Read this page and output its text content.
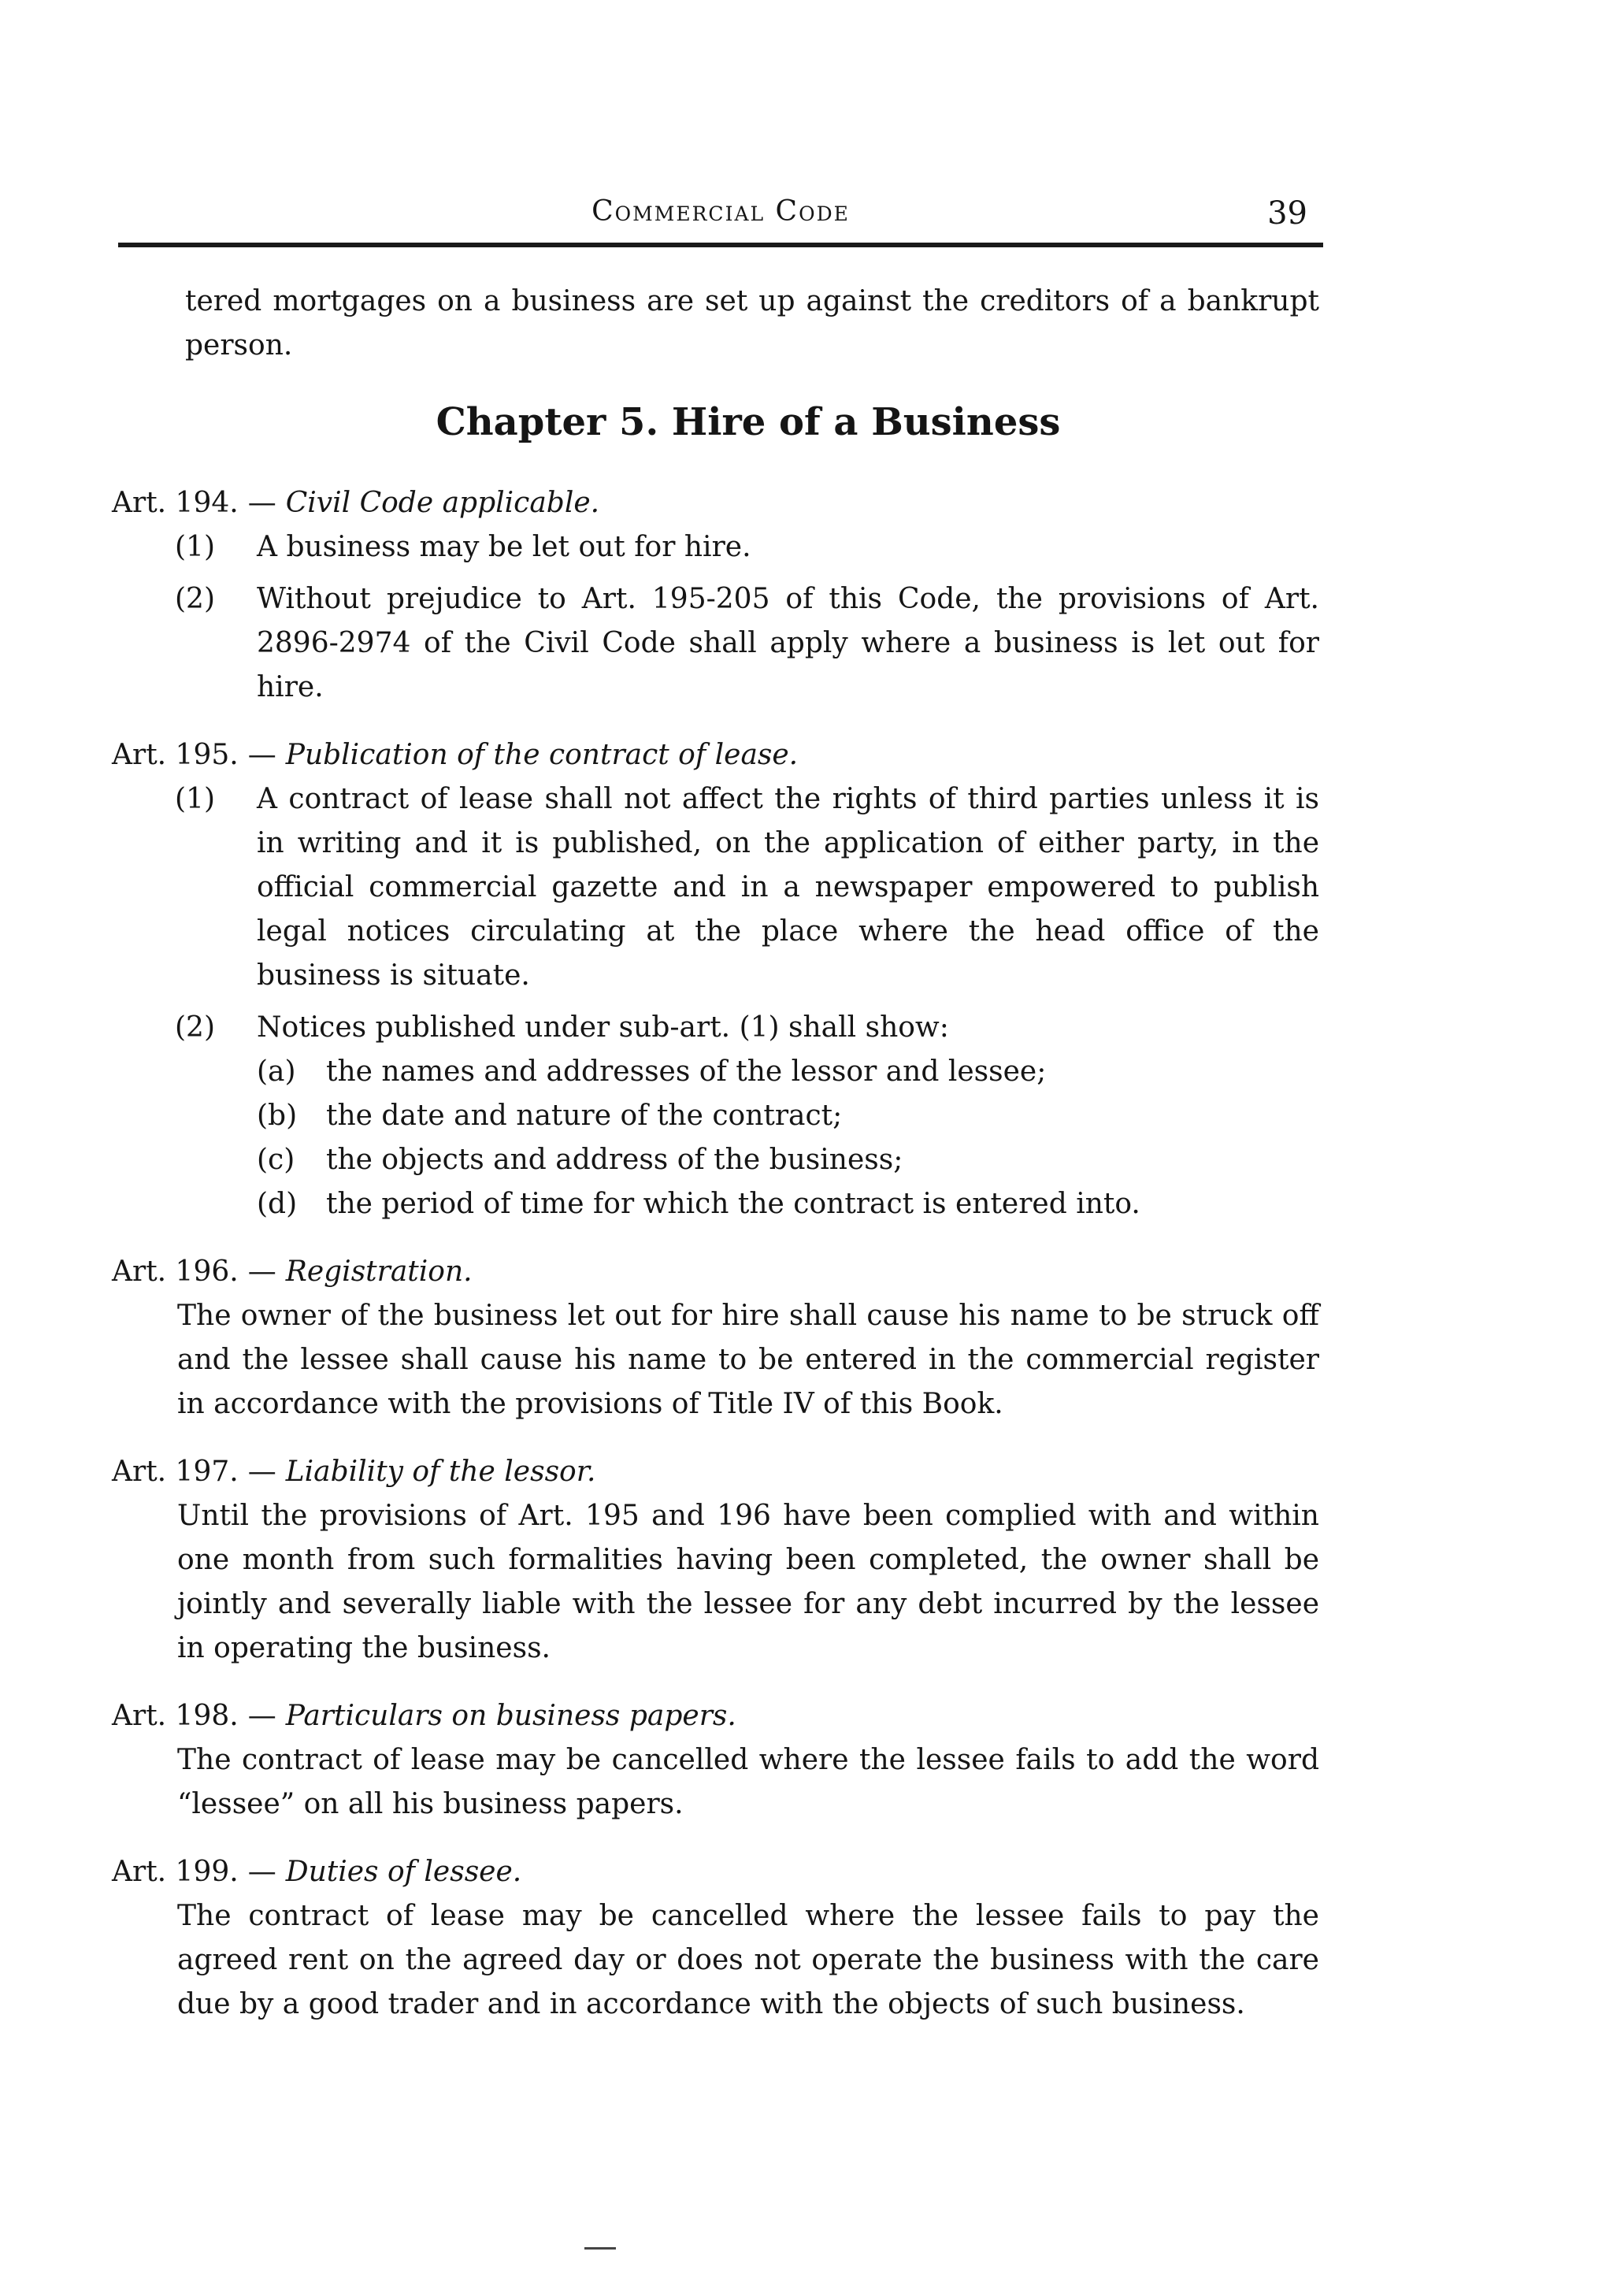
Commercial Code	39

tered mortgages on a business are set up against the creditors of a bankrupt person.

Chapter 5. Hire of a Business
Art. 194. — Civil Code applicable.
(1)	A business may be let out for hire.
(2)	Without prejudice to Art. 195-205 of this Code, the provisions of Art. 2896-2974 of the Civil Code shall apply where a business is let out for hire.
Art. 195. — Publication of the contract of lease.
(1)	A contract of lease shall not affect the rights of third parties unless it is in writing and it is published, on the application of either party, in the official commercial gazette and in a newspaper empowered to publish legal notices circulating at the place where the head office of the business is situate.
(2)	Notices published under sub-art. (1) shall show:
(a)	the names and addresses of the lessor and lessee;
(b)	the date and nature of the contract;
(c)	the objects and address of the business;
(d)	the period of time for which the contract is entered into.
Art. 196. — Registration.
The owner of the business let out for hire shall cause his name to be struck off and the lessee shall cause his name to be entered in the commercial register in accordance with the provisions of Title IV of this Book.
Art. 197. — Liability of the lessor.
Until the provisions of Art. 195 and 196 have been complied with and within one month from such formalities having been completed, the owner shall be jointly and severally liable with the lessee for any debt incurred by the lessee in operating the business.
Art. 198. — Particulars on business papers.
The contract of lease may be cancelled where the lessee fails to add the word “lessee” on all his business papers.
Art. 199. — Duties of lessee.
The contract of lease may be cancelled where the lessee fails to pay the agreed rent on the agreed day or does not operate the business with the care due by a good trader and in accordance with the objects of such business.
